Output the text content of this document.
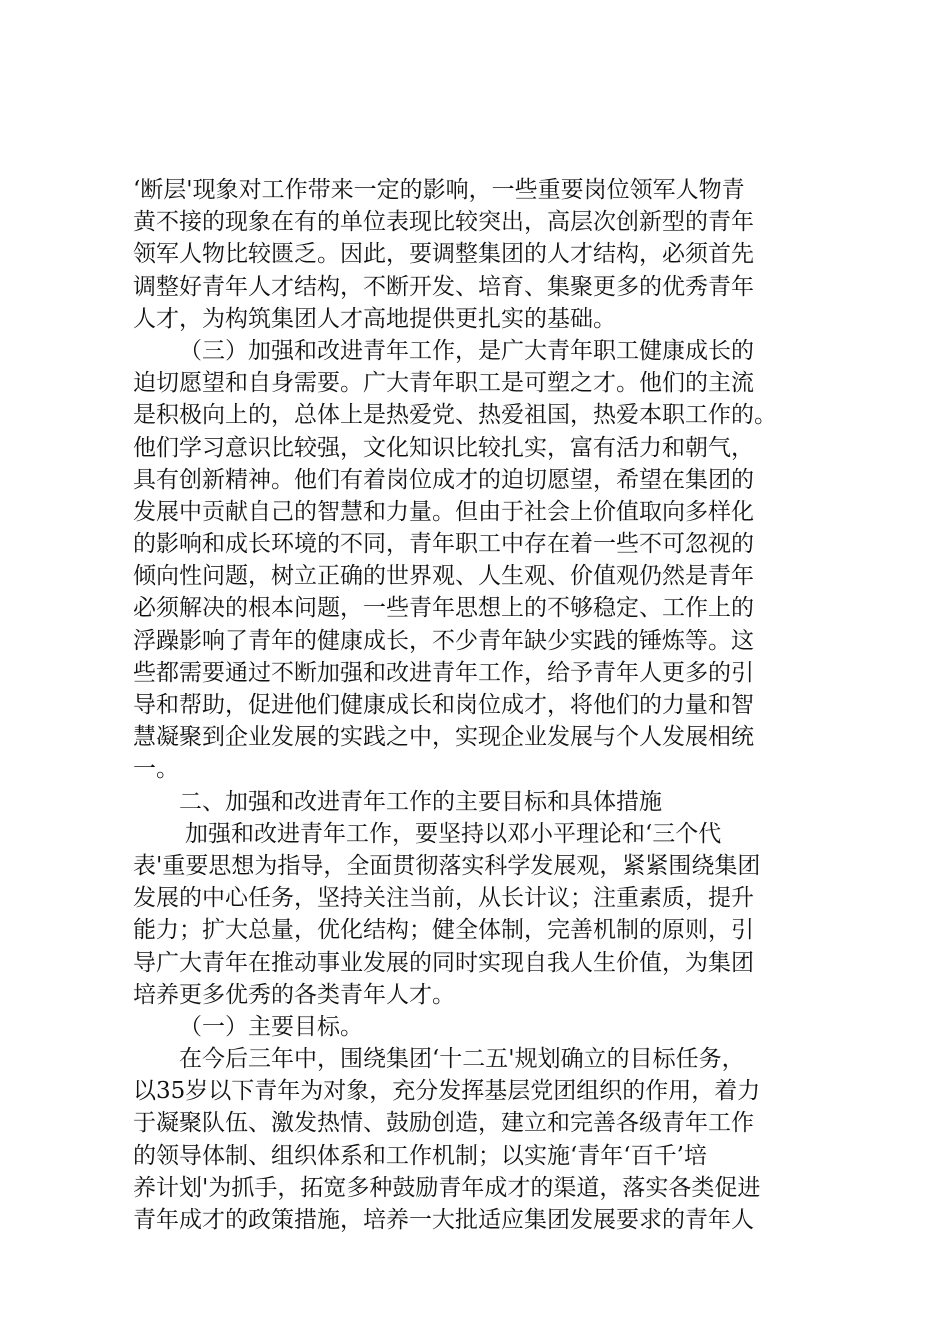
‘断层'现象对工作带来一定的影响，一些重要岗位领军人物青
黄不接的现象在有的单位表现比较突出，高层次创新型的青年
领军人物比较匮乏。因此，要调整集团的人才结构，必须首先
调整好青年人才结构，不断开发、培育、集聚更多的优秀青年
人才，为构筑集团人才高地提供更扎实的基础。
（三）加强和改进青年工作，是广大青年职工健康成长的
迫切愿望和自身需要。广大青年职工是可塑之才。他们的主流
是积极向上的，总体上是热爱党、热爱祖国，热爱本职工作的。
他们学习意识比较强，文化知识比较扎实，富有活力和朝气，
具有创新精神。他们有着岗位成才的迫切愿望，希望在集团的
发展中贡献自己的智慧和力量。但由于社会上价值取向多样化
的影响和成长环境的不同，青年职工中存在着一些不可忽视的
倾向性问题，树立正确的世界观、人生观、价值观仍然是青年
必须解决的根本问题，一些青年思想上的不够稳定、工作上的
浮躁影响了青年的健康成长，不少青年缺少实践的锤炼等。这
些都需要通过不断加强和改进青年工作，给予青年人更多的引
导和帮助，促进他们健康成长和岗位成才，将他们的力量和智
慧凝聚到企业发展的实践之中，实现企业发展与个人发展相统
一。
二、加强和改进青年工作的主要目标和具体措施
加强和改进青年工作，要坚持以邓小平理论和‘三个代
表'重要思想为指导，全面贯彻落实科学发展观，紧紧围绕集团
发展的中心任务，坚持关注当前，从长计议；注重素质，提升
能力；扩大总量，优化结构；健全体制，完善机制的原则，引
导广大青年在推动事业发展的同时实现自我人生价值，为集团
培养更多优秀的各类青年人才。
（一）主要目标。
在今后三年中，围绕集团‘十二五'规划确立的目标任务，
以35岁以下青年为对象，充分发挥基层党团组织的作用，着力
于凝聚队伍、激发热情、鼓励创造，建立和完善各级青年工作
的领导体制、组织体系和工作机制；以实施‘青年‘百千’培
养计划'为抓手，拓宽多种鼓励青年成才的渠道，落实各类促进
青年成才的政策措施，培养一大批适应集团发展要求的青年人
